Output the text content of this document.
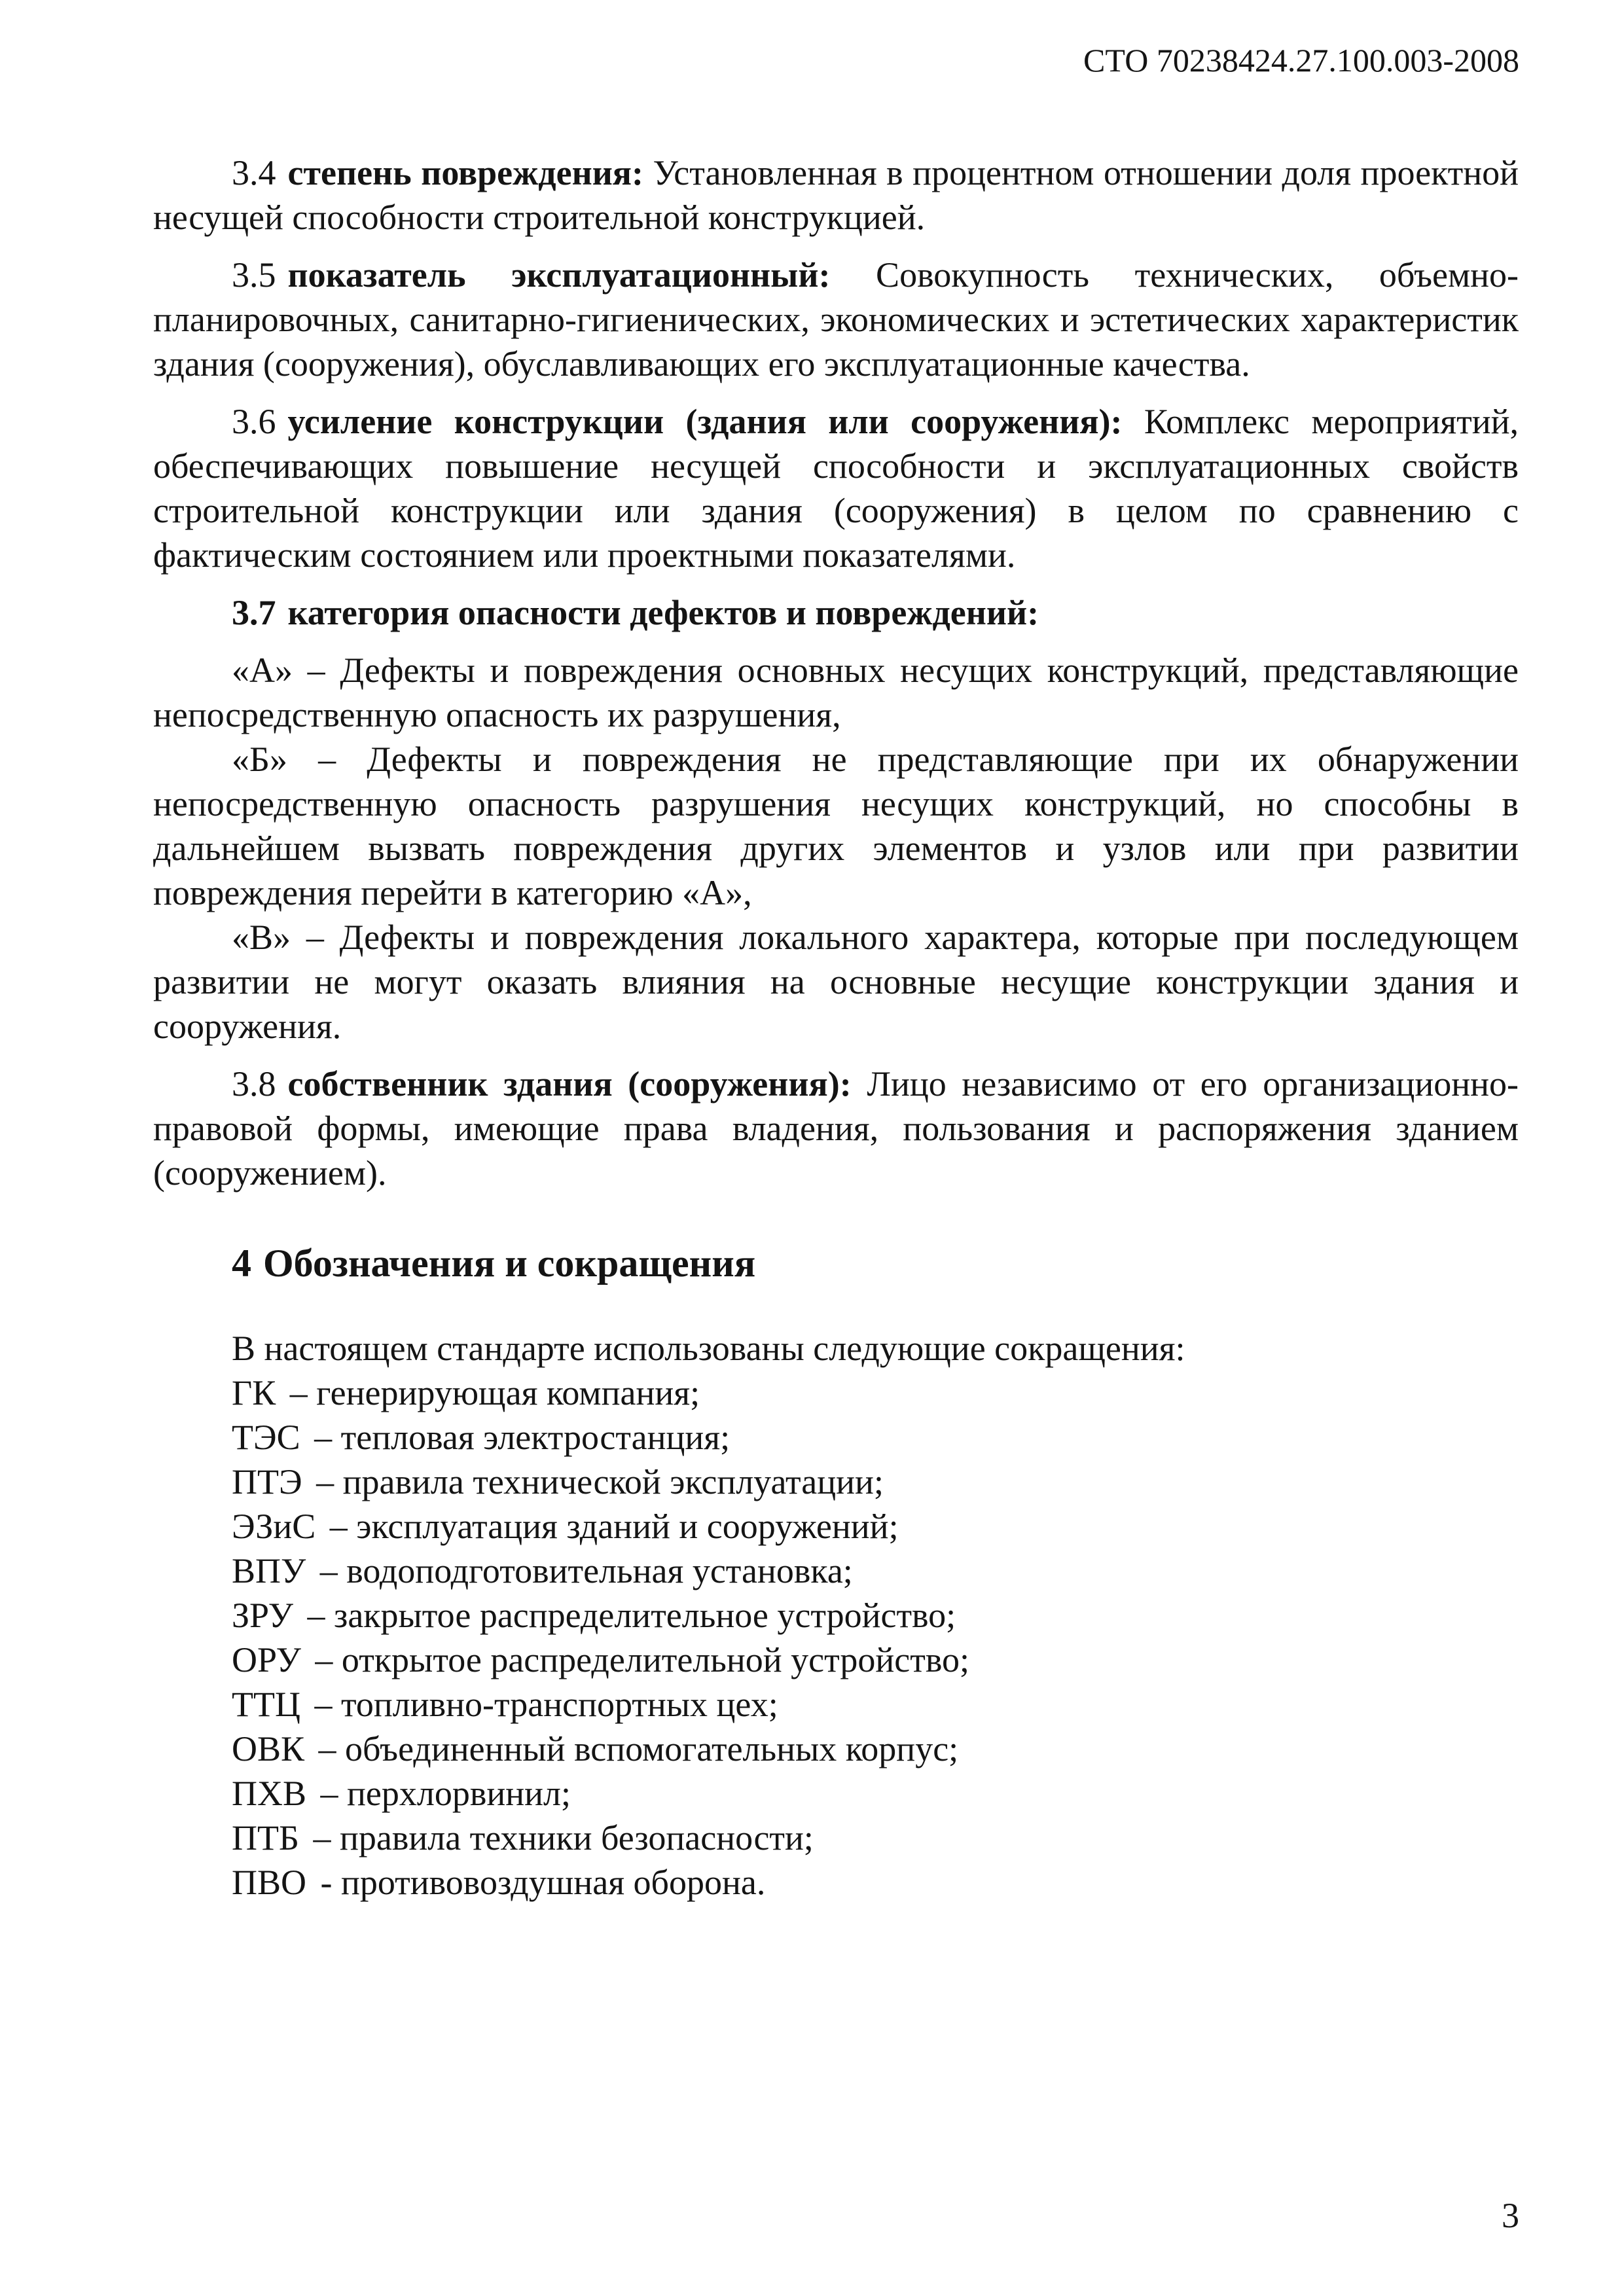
СТО 70238424.27.100.003-2008

3.4 степень повреждения: Установленная в процентном отношении доля проектной несущей способности строительной конструкцией.

3.5 показатель эксплуатационный: Совокупность технических, объемно-планировочных, санитарно-гигиенических, экономических и эстетических характеристик здания (сооружения), обуславливающих его эксплуатационные качества.

3.6 усиление конструкции (здания или сооружения): Комплекс мероприятий, обеспечивающих повышение несущей способности и эксплуатационных свойств строительной конструкции или здания (сооружения) в целом по сравнению с фактическим состоянием или проектными показателями.

3.7 категория опасности дефектов и повреждений:

«А» – Дефекты и повреждения основных несущих конструкций, представляющие непосредственную опасность их разрушения,

«Б» – Дефекты и повреждения не представляющие при их обнаружении непосредственную опасность разрушения несущих конструкций, но способны в дальнейшем вызвать повреждения других элементов и узлов или при развитии повреждения перейти в категорию «А»,

«В» – Дефекты и повреждения локального характера, которые при последующем развитии не могут оказать влияния на основные несущие конструкции здания и сооружения.

3.8 собственник здания (сооружения): Лицо независимо от его организационно-правовой формы, имеющие права владения, пользования и распоряжения зданием (сооружением).

4 Обозначения и сокращения

В настоящем стандарте использованы следующие сокращения:

ГК – генерирующая компания;
ТЭС – тепловая электростанция;
ПТЭ – правила технической эксплуатации;
ЭЗиС – эксплуатация зданий и сооружений;
ВПУ – водоподготовительная установка;
ЗРУ – закрытое распределительное устройство;
ОРУ – открытое распределительной устройство;
ТТЦ – топливно-транспортных цех;
ОВК – объединенный вспомогательных корпус;
ПХВ – перхлорвинил;
ПТБ – правила техники безопасности;
ПВО - противовоздушная оборона.
3
